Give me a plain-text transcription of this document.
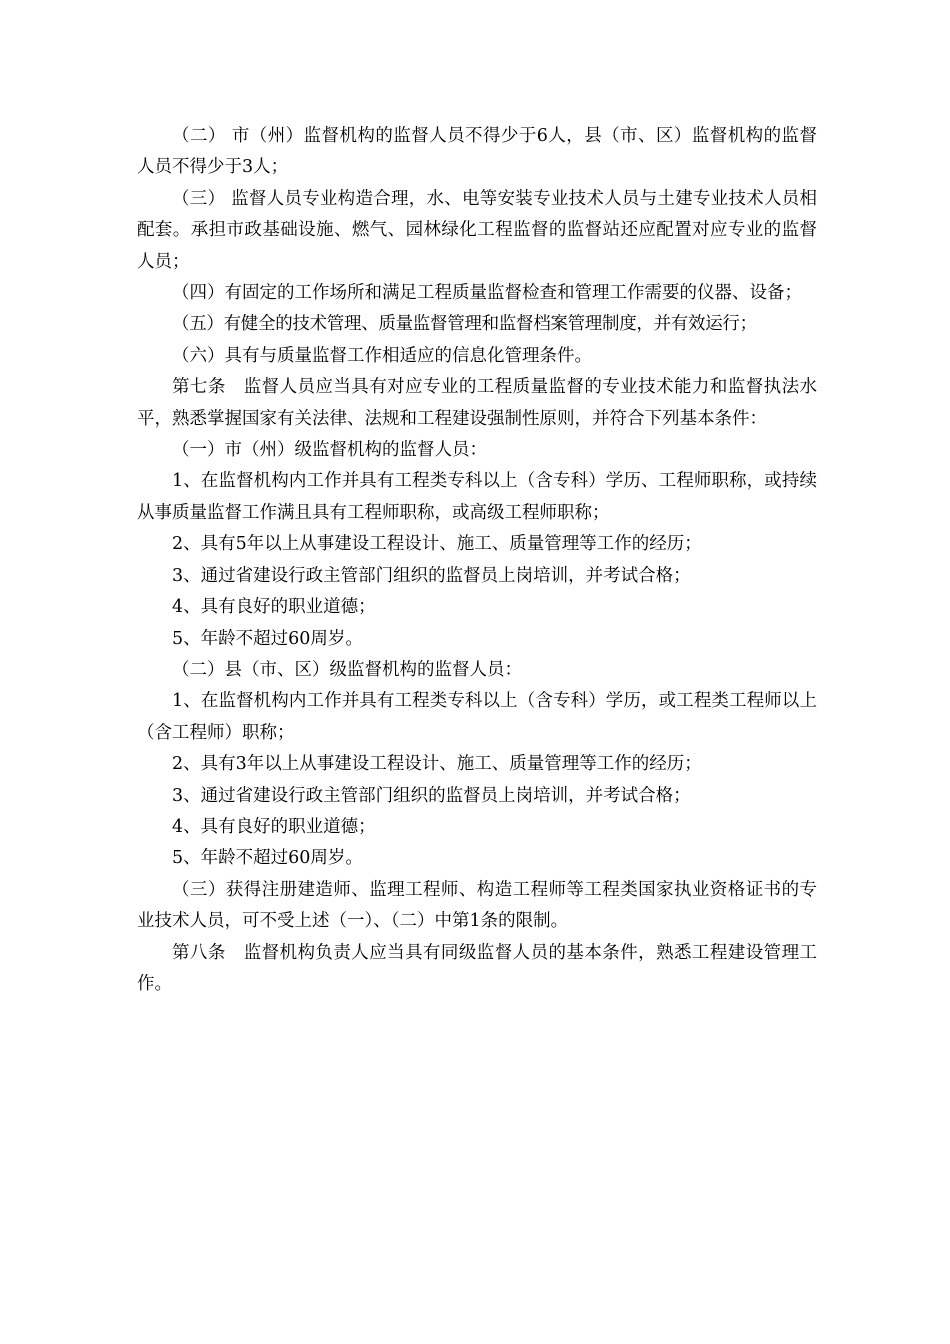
（二） 市（州）监督机构的监督人员不得少于6人，县（市、区）监督机构的监督人员不得少于3人；

（三） 监督人员专业构造合理，水、电等安装专业技术人员与土建专业技术人员相配套。承担市政基础设施、燃气、园林绿化工程监督的监督站还应配置对应专业的监督人员；

（四）有固定的工作场所和满足工程质量监督检查和管理工作需要的仪器、设备；

（五）有健全的技术管理、质量监督管理和监督档案管理制度，并有效运行；

（六）具有与质量监督工作相适应的信息化管理条件。

第七条　监督人员应当具有对应专业的工程质量监督的专业技术能力和监督执法水平，熟悉掌握国家有关法律、法规和工程建设强制性原则，并符合下列基本条件：

（一）市（州）级监督机构的监督人员：

1、在监督机构内工作并具有工程类专科以上（含专科）学历、工程师职称，或持续从事质量监督工作满且具有工程师职称，或高级工程师职称；

2、具有5年以上从事建设工程设计、施工、质量管理等工作的经历；

3、通过省建设行政主管部门组织的监督员上岗培训，并考试合格；

4、具有良好的职业道德；

5、年龄不超过60周岁。

（二）县（市、区）级监督机构的监督人员：

1、在监督机构内工作并具有工程类专科以上（含专科）学历，或工程类工程师以上（含工程师）职称；

2、具有3年以上从事建设工程设计、施工、质量管理等工作的经历；

3、通过省建设行政主管部门组织的监督员上岗培训，并考试合格；

4、具有良好的职业道德；

5、年龄不超过60周岁。

（三）获得注册建造师、监理工程师、构造工程师等工程类国家执业资格证书的专业技术人员，可不受上述（一）、（二）中第1条的限制。

第八条　监督机构负责人应当具有同级监督人员的基本条件，熟悉工程建设管理工作。
